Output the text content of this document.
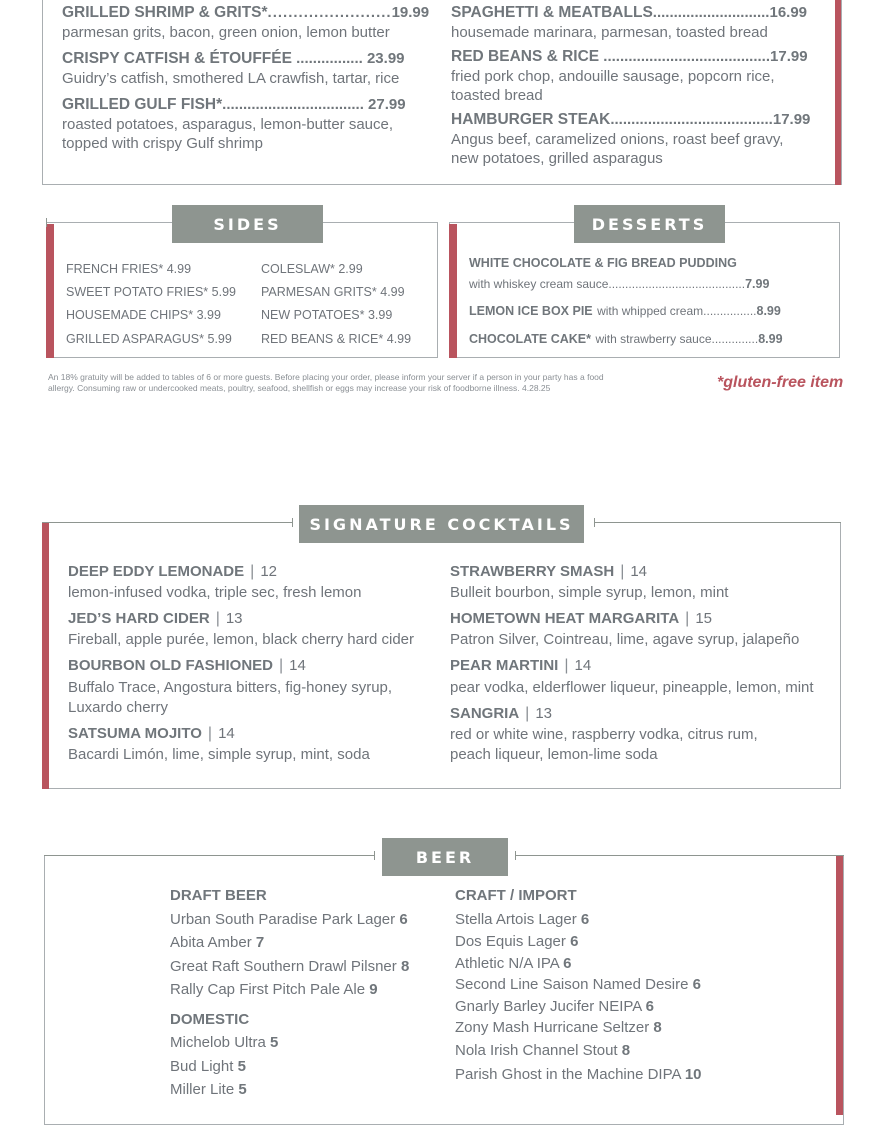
GRILLED SHRIMP & GRITS*........................19.99
parmesan grits, bacon, green onion, lemon butter
CRISPY CATFISH & ÉTOUFFÉE ................ 23.99
Guidry’s catfish, smothered LA crawfish, tartar, rice
GRILLED GULF FISH*.................................. 27.99
roasted potatoes, asparagus, lemon-butter sauce,
topped with crispy Gulf shrimp
SPAGHETTI & MEATBALLS............................16.99
housemade marinara, parmesan, toasted bread
RED BEANS & RICE ........................................17.99
fried pork chop, andouille sausage, popcorn rice,
toasted bread
HAMBURGER STEAK.......................................17.99
Angus beef, caramelized onions, roast beef gravy,
new potatoes, grilled asparagus
SIDES
FRENCH FRIES* 4.99
SWEET POTATO FRIES* 5.99
HOUSEMADE CHIPS* 3.99
GRILLED ASPARAGUS* 5.99
COLESLAW* 2.99
PARMESAN GRITS* 4.99
NEW POTATOES* 3.99
RED BEANS & RICE* 4.99
DESSERTS
WHITE CHOCOLATE & FIG BREAD PUDDING
with whiskey cream sauce.........................................7.99
LEMON ICE BOX PIE with whipped cream................8.99
CHOCOLATE CAKE* with strawberry sauce..............8.99
An 18% gratuity will be added to tables of 6 or more guests. Before placing your order, please inform your server if a person in your party has a food
allergy. Consuming raw or undercooked meats, poultry, seafood, shellfish or eggs may increase your risk of foodborne illness. 4.28.25	*gluten-free item
SIGNATURE COCKTAILS
DEEP EDDY LEMONADE | 12
lemon-infused vodka, triple sec, fresh lemon
JED’S HARD CIDER | 13
Fireball, apple purée, lemon, black cherry hard cider
BOURBON OLD FASHIONED | 14
Buffalo Trace, Angostura bitters, fig-honey syrup,
Luxardo cherry
SATSUMA MOJITO | 14
Bacardi Limón, lime, simple syrup, mint, soda
STRAWBERRY SMASH | 14
Bulleit bourbon, simple syrup, lemon, mint
HOMETOWN HEAT MARGARITA | 15
Patron Silver, Cointreau, lime, agave syrup, jalapeño
PEAR MARTINI | 14
pear vodka, elderflower liqueur, pineapple, lemon, mint
SANGRIA | 13
red or white wine, raspberry vodka, citrus rum,
peach liqueur, lemon-lime soda
BEER
DRAFT BEER
Urban South Paradise Park Lager 6
Abita Amber 7
Great Raft Southern Drawl Pilsner 8
Rally Cap First Pitch Pale Ale 9
DOMESTIC
Michelob Ultra 5
Bud Light 5
Miller Lite 5
CRAFT / IMPORT
Stella Artois Lager 6
Dos Equis Lager 6
Athletic N/A IPA 6
Second Line Saison Named Desire 6
Gnarly Barley Jucifer NEIPA 6
Zony Mash Hurricane Seltzer 8
Nola Irish Channel Stout 8
Parish Ghost in the Machine DIPA 10
